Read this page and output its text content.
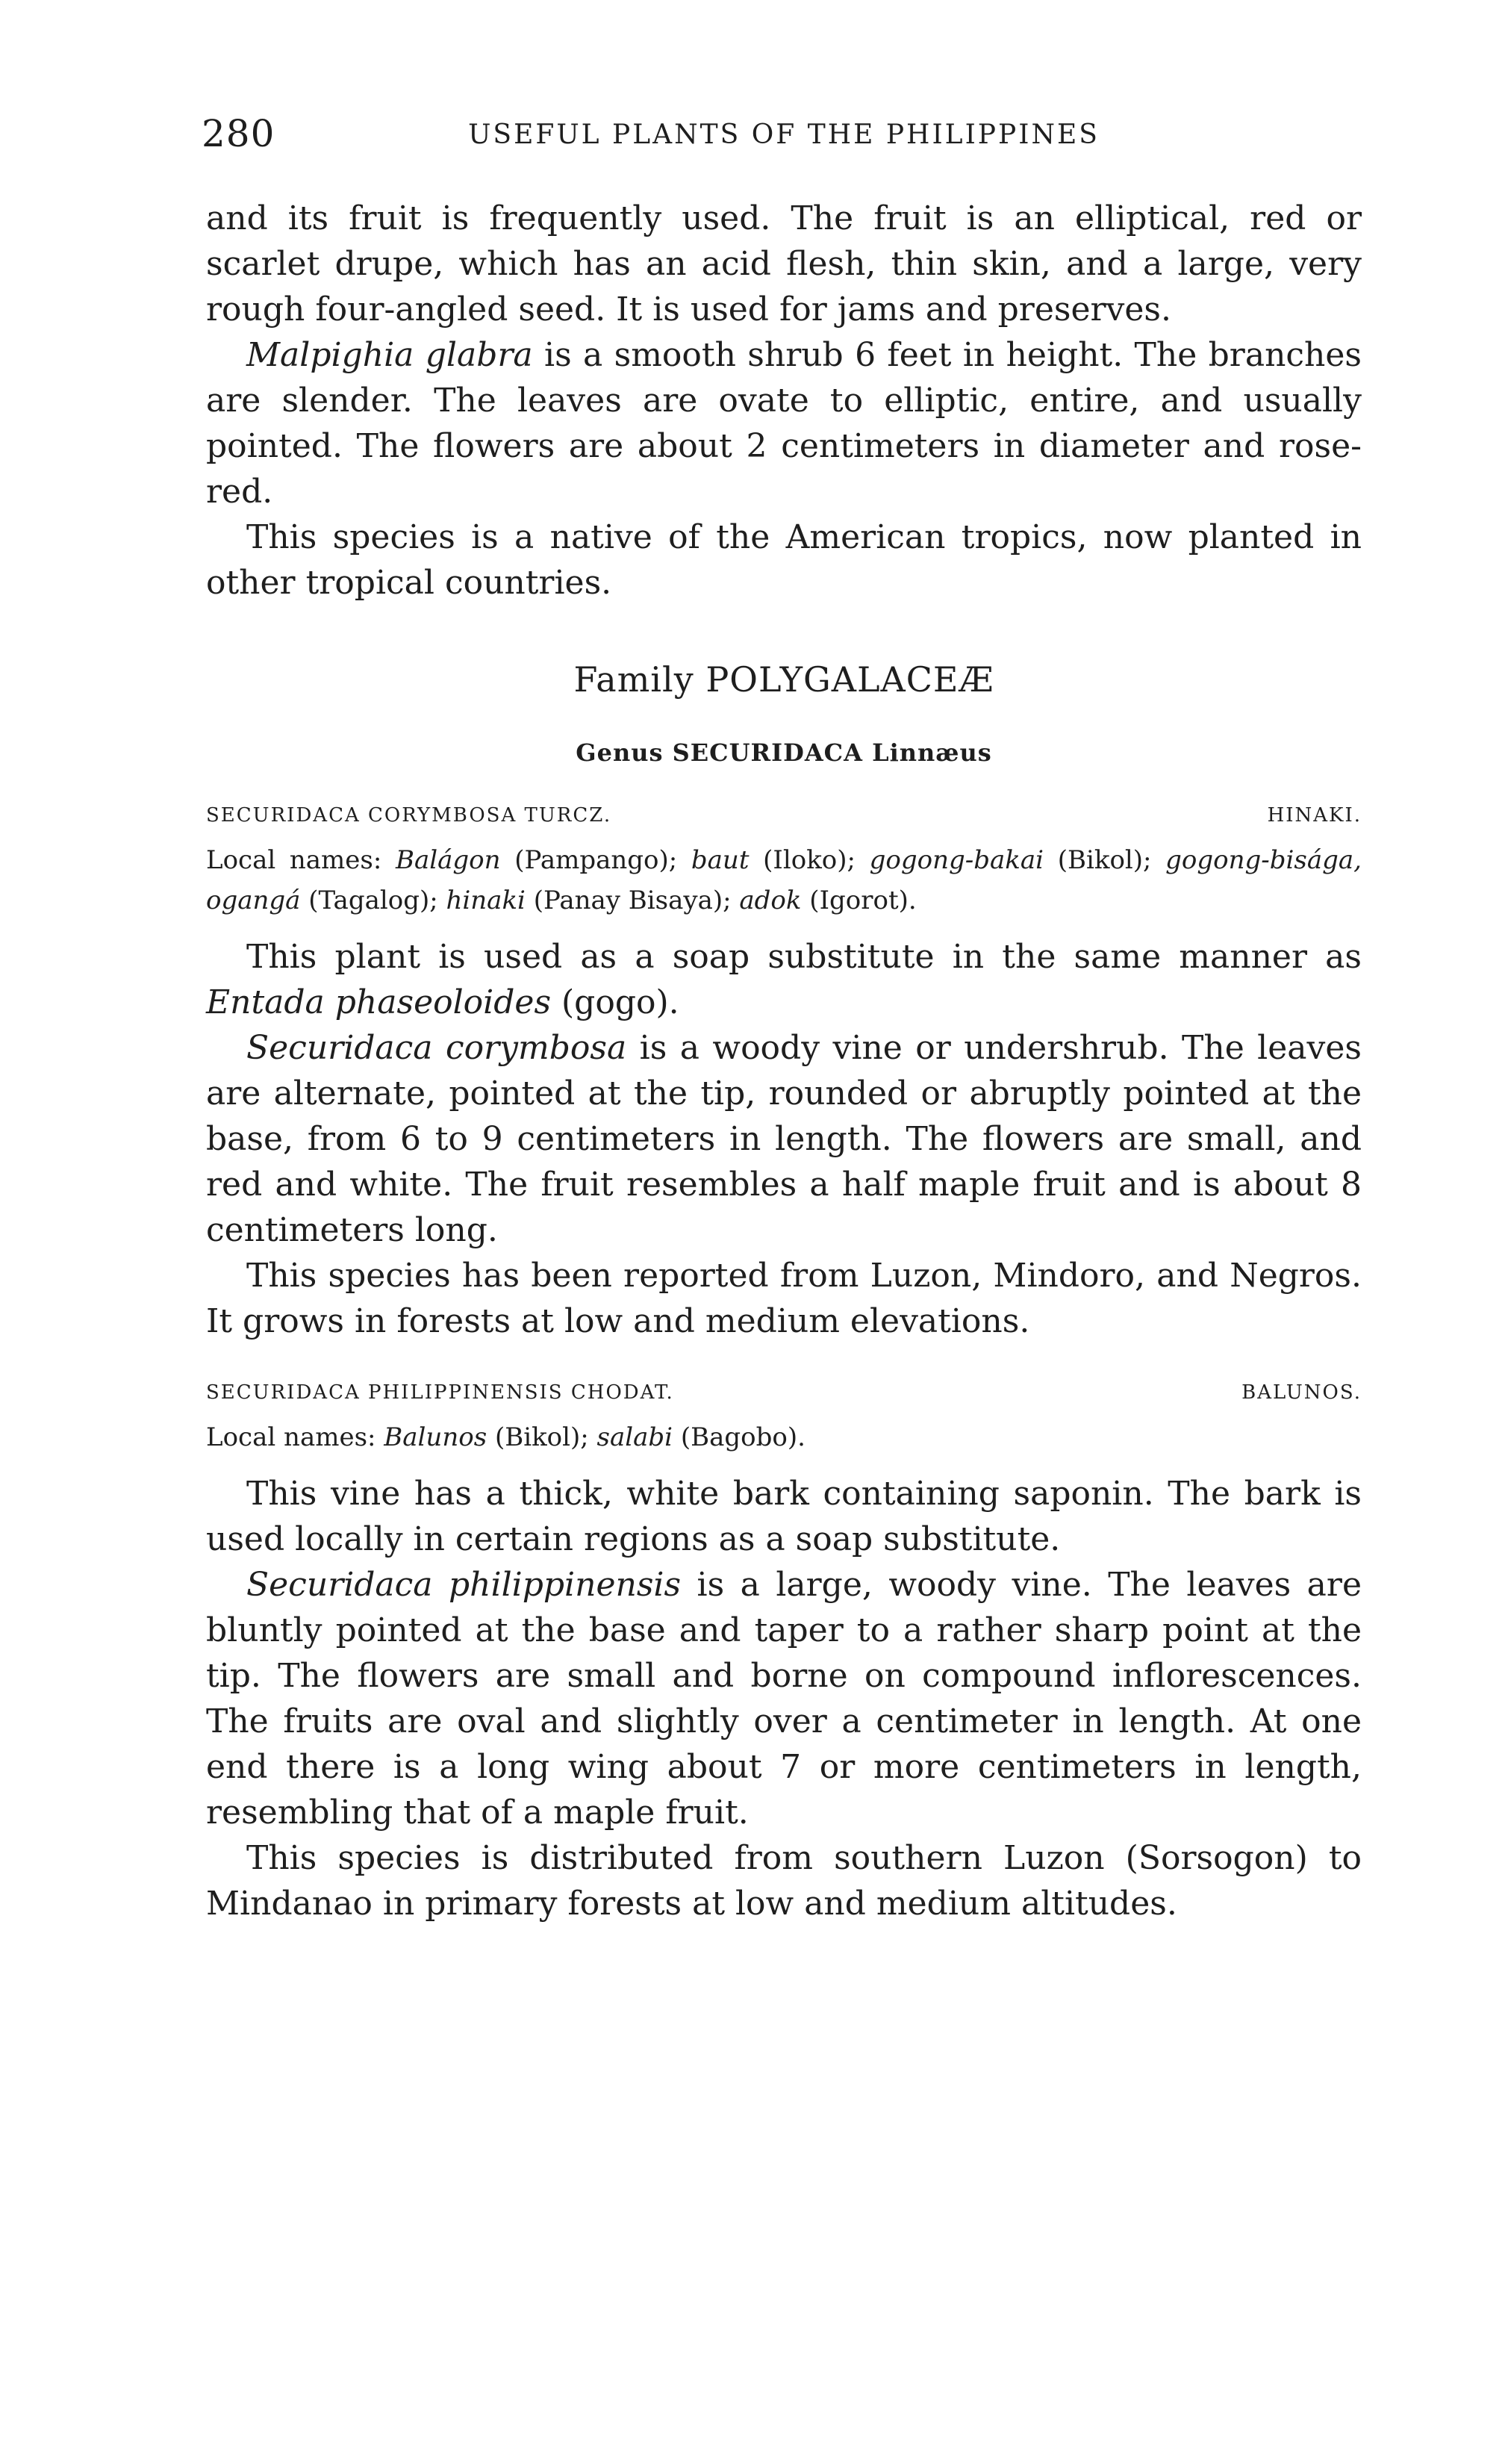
280	USEFUL PLANTS OF THE PHILIPPINES

and its fruit is frequently used. The fruit is an elliptical, red or scarlet drupe, which has an acid flesh, thin skin, and a large, very rough four-angled seed. It is used for jams and preserves.

Malpighia glabra is a smooth shrub 6 feet in height. The branches are slender. The leaves are ovate to elliptic, entire, and usually pointed. The flowers are about 2 centimeters in diameter and rose-red.

This species is a native of the American tropics, now planted in other tropical countries.

Family POLYGALACEÆ
Genus SECURIDACA Linnæus
SECURIDACA CORYMBOSA TURCZ.	HINAKI.

Local names: Balágon (Pampango); baut (Iloko); gogong-bakai (Bikol); gogong-bisága, ogangá (Tagalog); hinaki (Panay Bisaya); adok (Igorot).

This plant is used as a soap substitute in the same manner as Entada phaseoloides (gogo).

Securidaca corymbosa is a woody vine or undershrub. The leaves are alternate, pointed at the tip, rounded or abruptly pointed at the base, from 6 to 9 centimeters in length. The flowers are small, and red and white. The fruit resembles a half maple fruit and is about 8 centimeters long.

This species has been reported from Luzon, Mindoro, and Negros. It grows in forests at low and medium elevations.

SECURIDACA PHILIPPINENSIS CHODAT.	BALUNOS.

Local names: Balunos (Bikol); salabi (Bagobo).

This vine has a thick, white bark containing saponin. The bark is used locally in certain regions as a soap substitute.

Securidaca philippinensis is a large, woody vine. The leaves are bluntly pointed at the base and taper to a rather sharp point at the tip. The flowers are small and borne on compound inflorescences. The fruits are oval and slightly over a centimeter in length. At one end there is a long wing about 7 or more centimeters in length, resembling that of a maple fruit.

This species is distributed from southern Luzon (Sorsogon) to Mindanao in primary forests at low and medium altitudes.
